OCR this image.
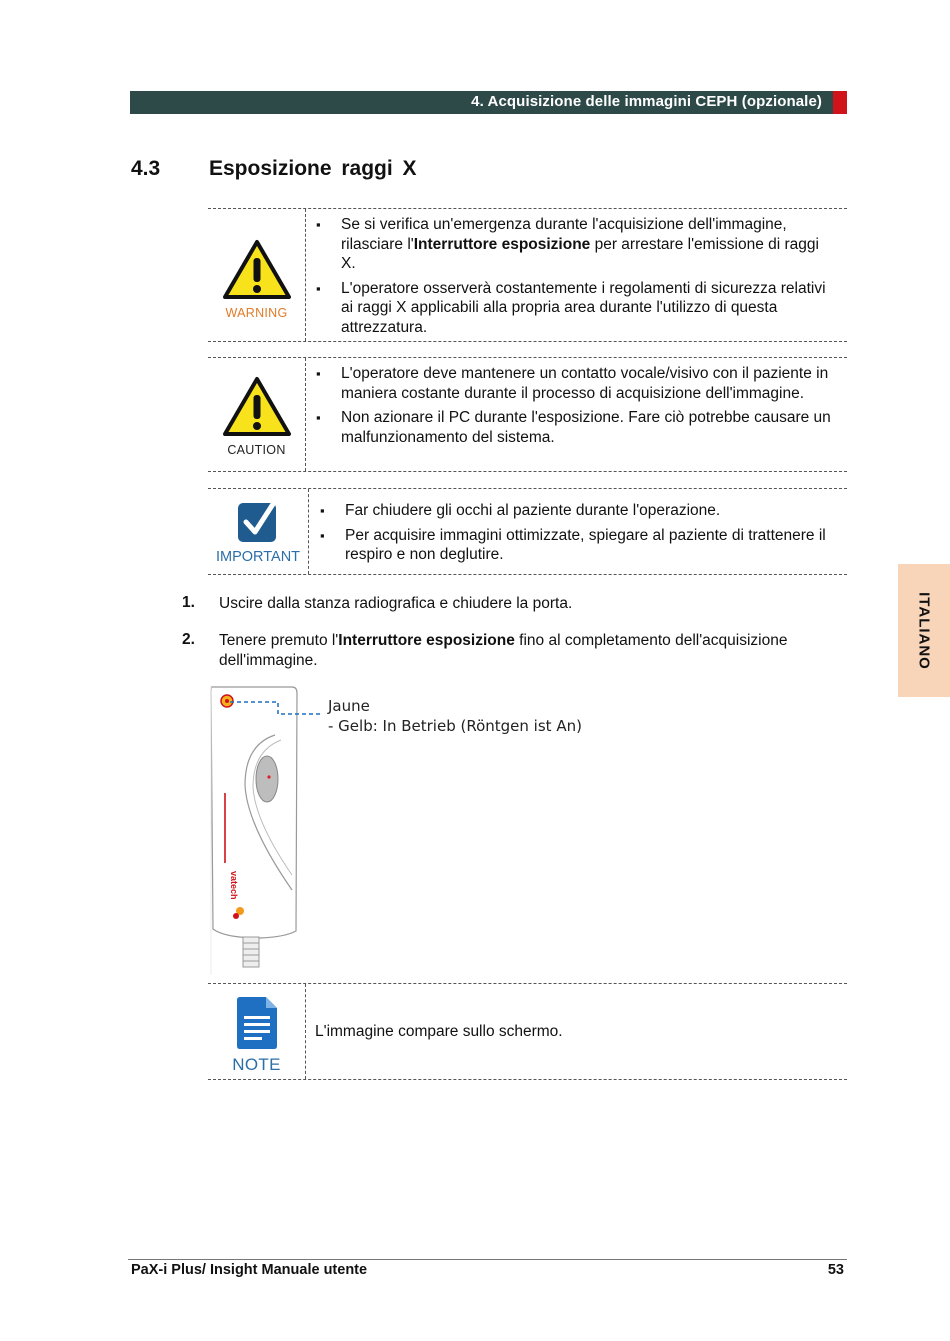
4. Acquisizione delle immagini CEPH (opzionale)
4.3 Esposizione raggi X
WARNING
▪ Se si verifica un'emergenza durante l'acquisizione dell'immagine, rilasciare l'Interruttore esposizione per arrestare l'emissione di raggi X.
▪ L'operatore osserverà costantemente i regolamenti di sicurezza relativi ai raggi X applicabili alla propria area durante l'utilizzo di questa attrezzatura.
CAUTION
▪ L'operatore deve mantenere un contatto vocale/visivo con il paziente in maniera costante durante il processo di acquisizione dell'immagine.
▪ Non azionare il PC durante l'esposizione. Fare ciò potrebbe causare un malfunzionamento del sistema.
IMPORTANT
▪ Far chiudere gli occhi al paziente durante l'operazione.
▪ Per acquisire immagini ottimizzate, spiegare al paziente di trattenere il respiro e non deglutire.
1. Uscire dalla stanza radiografica e chiudere la porta.
2. Tenere premuto l'Interruttore esposizione fino al completamento dell'acquisizione dell'immagine.
vatech
Jaune
- Gelb: In Betrieb (Röntgen ist An)
NOTE
L'immagine compare sullo schermo.
ITALIANO
PaX-i Plus/ Insight Manuale utente	53
